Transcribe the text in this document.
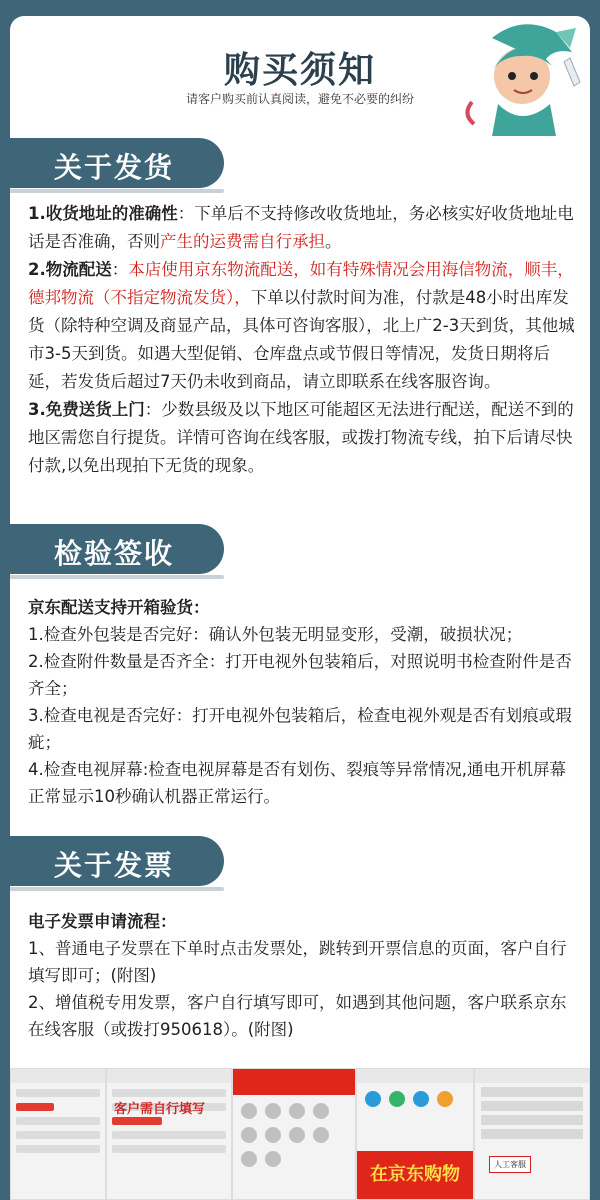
购买须知

请客户购买前认真阅读，避免不必要的纠纷

关于发货

1.收货地址的准确性：下单后不支持修改收货地址，务必核实好收货地址电话是否准确，否则产生的运费需自行承担。

2.物流配送：本店使用京东物流配送，如有特殊情况会用海信物流，顺丰，德邦物流（不指定物流发货），下单以付款时间为准，付款是48小时出库发货（除特种空调及商显产品，具体可咨询客服），北上广2-3天到货，其他城市3-5天到货。如遇大型促销、仓库盘点或节假日等情况，发货日期将后延，若发货后超过7天仍未收到商品，请立即联系在线客服咨询。

3.免费送货上门：少数县级及以下地区可能超区无法进行配送，配送不到的地区需您自行提货。详情可咨询在线客服，或拨打物流专线，拍下后请尽快付款,以免出现拍下无货的现象。

检验签收

京东配送支持开箱验货：

1.检查外包装是否完好：确认外包装无明显变形，受潮，破损状况；

2.检查附件数量是否齐全：打开电视外包装箱后，对照说明书检查附件是否齐全；

3.检查电视是否完好：打开电视外包装箱后，检查电视外观是否有划痕或瑕疵；

4.检查电视屏幕:检查电视屏幕是否有划伤、裂痕等异常情况,通电开机屏幕正常显示10秒确认机器正常运行。

关于发票

电子发票申请流程：

1、普通电子发票在下单时点击发票处，跳转到开票信息的页面，客户自行填写即可；(附图)

2、增值税专用发票，客户自行填写即可，如遇到其他问题，客户联系京东在线客服（或拨打950618）。(附图)

客户需自行填写
在京东购物	人工客服
